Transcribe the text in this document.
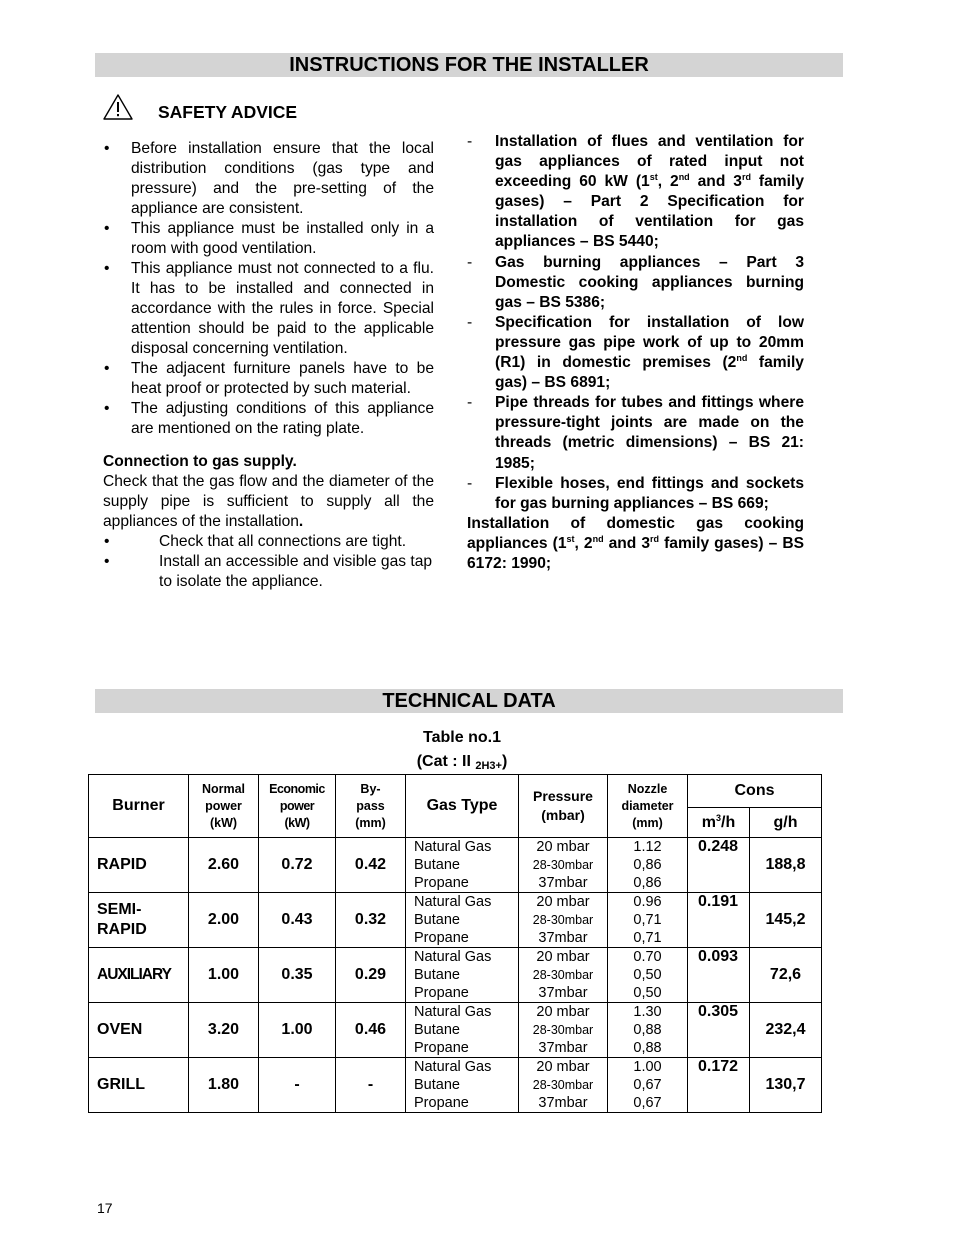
INSTRUCTIONS FOR THE INSTALLER
SAFETY ADVICE
• Before installation ensure that the local distribution conditions (gas type and pressure) and the pre-setting of the appliance are consistent.
• This appliance must be installed only in a room with good ventilation.
• This appliance must not connected to a flu. It has to be installed and connected in accordance with the rules in force. Special attention should be paid to the applicable disposal concerning ventilation.
• The adjacent furniture panels have to be heat proof or protected by such material.
• The adjusting conditions of this appliance are mentioned on the rating plate.
Connection to gas supply.
Check that the gas flow and the diameter of the supply pipe is sufficient to supply all the appliances of the installation.
• Check that all connections are tight.
• Install an accessible and visible gas tap to isolate the appliance.
- Installation of flues and ventilation for gas appliances of rated input not exceeding 60 kW (1st, 2nd and 3rd family gases) – Part 2 Specification for installation of ventilation for gas appliances – BS 5440;
- Gas burning appliances – Part 3 Domestic cooking appliances burning gas – BS 5386;
- Specification for installation of low pressure gas pipe work of up to 20mm (R1) in domestic premises (2nd family gas) – BS 6891;
- Pipe threads for tubes and fittings where pressure-tight joints are made on the threads (metric dimensions) – BS 21: 1985;
- Flexible hoses, end fittings and sockets for gas burning appliances – BS 669;
Installation of domestic gas cooking appliances (1st, 2nd and 3rd family gases) – BS 6172: 1990;
TECHNICAL DATA
Table no.1
(Cat : II $_{2H3+}$)
Burner	Normal
power
(kW)	Economic
power
(kW)	By-
pass
(mm)	Gas Type	Pressure
(mbar)	Nozzle
diameter
(mm)	Cons	
							$m^3/h$	g/h
RAPID	2.60	0.72	0.42	Natural Gas
Butane
Propane	20 mbar
28-30mbar
37mbar	1.12
0,86
0,86	0.248	188,8
SEMI-
RAPID	2.00	0.43	0.32	Natural Gas
Butane
Propane	20 mbar
28-30mbar
37mbar	0.96
0,71
0,71	0.191	145,2
AUXILIARY	1.00	0.35	0.29	Natural Gas
Butane
Propane	20 mbar
28-30mbar
37mbar	0.70
0,50
0,50	0.093	72,6
OVEN	3.20	1.00	0.46	Natural Gas
Butane
Propane	20 mbar
28-30mbar
37mbar	1.30
0,88
0,88	0.305	232,4
GRILL	1.80	-	-	Natural Gas
Butane
Propane	20 mbar
28-30mbar
37mbar	1.00
0,67
0,67	0.172	130,7
17
